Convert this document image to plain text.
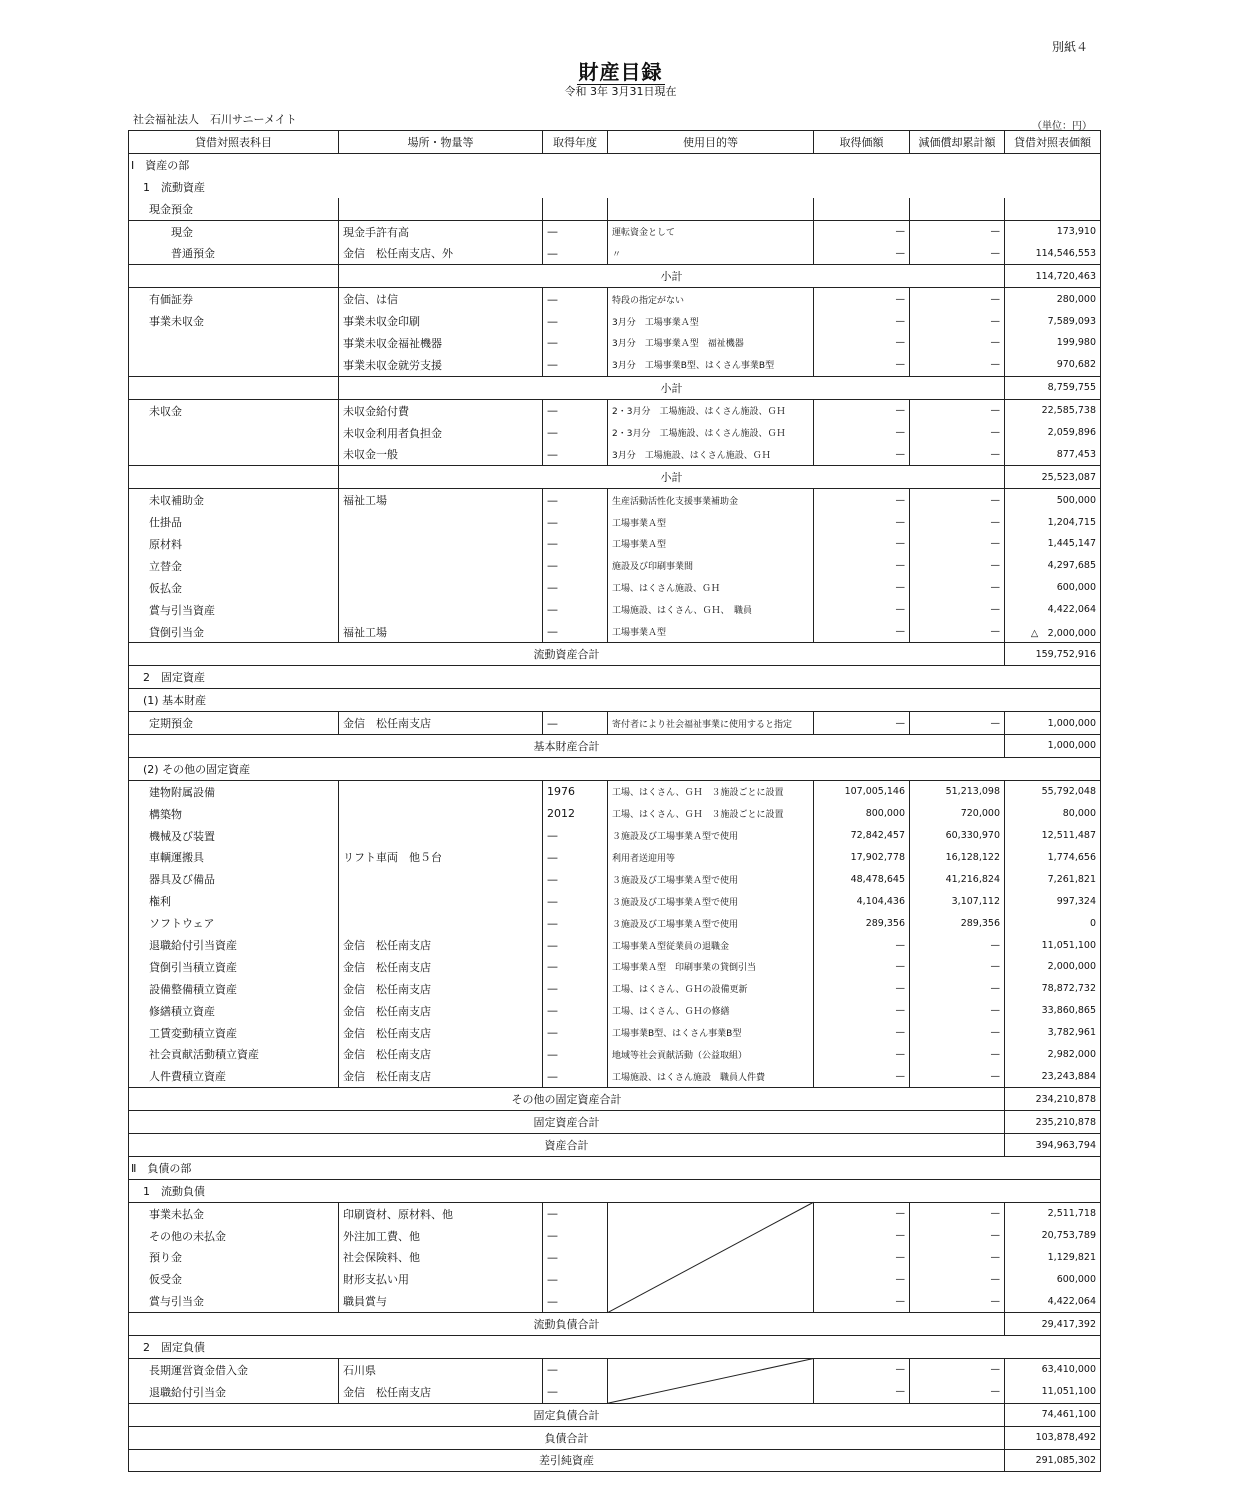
別紙４
財産目録
令和 3年 3月31日現在
社会福祉法人　石川サニーメイト
（単位：円）
貸借対照表科目	場所・物量等	取得年度	使用目的等	取得価額	減価償却累計額	貸借対照表価額
Ⅰ　資産の部						
1　流動資産						
現金預金						
現金	現金手許有高	—	運転資金として	—	—	173,910
普通預金	金信　松任南支店、外	—	〃	—	—	114,546,553
	小計					114,720,463
有価証券	金信、は信	—	特段の指定がない	—	—	280,000
事業未収金	事業未収金印刷	—	3月分　工場事業Ａ型	—	—	7,589,093
	事業未収金福祉機器	—	3月分　工場事業Ａ型　福祉機器	—	—	199,980
	事業未収金就労支援	—	3月分　工場事業B型、はくさん事業B型	—	—	970,682
	小計					8,759,755
未収金	未収金給付費	—	2・3月分　工場施設、はくさん施設、ＧＨ	—	—	22,585,738
	未収金利用者負担金	—	2・3月分　工場施設、はくさん施設、ＧＨ	—	—	2,059,896
	未収金一般	—	3月分　工場施設、はくさん施設、ＧＨ	—	—	877,453
	小計					25,523,087
未収補助金	福祉工場	—	生産活動活性化支援事業補助金	—	—	500,000
仕掛品		—	工場事業Ａ型	—	—	1,204,715
原材料		—	工場事業Ａ型	—	—	1,445,147
立替金		—	施設及び印刷事業間	—	—	4,297,685
仮払金		—	工場、はくさん施設、ＧＨ	—	—	600,000
賞与引当資産		—	工場施設、はくさん、ＧＨ、　職員	—	—	4,422,064
貸倒引当金	福祉工場	—	工場事業Ａ型	—	—	△　2,000,000
流動資産合計						159,752,916
2　固定資産						
(1) 基本財産						
定期預金	金信　松任南支店	—	寄付者により社会福祉事業に使用すると指定	—	—	1,000,000
基本財産合計						1,000,000
(2) その他の固定資産						
建物附属設備		1976	工場、はくさん、ＧＨ　３施設ごとに設置	107,005,146	51,213,098	55,792,048
構築物		2012	工場、はくさん、ＧＨ　３施設ごとに設置	800,000	720,000	80,000
機械及び装置		—	３施設及び工場事業Ａ型で使用	72,842,457	60,330,970	12,511,487
車輌運搬具	リフト車両　他５台	—	利用者送迎用等	17,902,778	16,128,122	1,774,656
器具及び備品		—	３施設及び工場事業Ａ型で使用	48,478,645	41,216,824	7,261,821
権利		—	３施設及び工場事業Ａ型で使用	4,104,436	3,107,112	997,324
ソフトウェア		—	３施設及び工場事業Ａ型で使用	289,356	289,356	0
退職給付引当資産	金信　松任南支店	—	工場事業Ａ型従業員の退職金	—	—	11,051,100
貸倒引当積立資産	金信　松任南支店	—	工場事業Ａ型　印刷事業の貸倒引当	—	—	2,000,000
設備整備積立資産	金信　松任南支店	—	工場、はくさん、ＧＨの設備更新	—	—	78,872,732
修繕積立資産	金信　松任南支店	—	工場、はくさん、ＧＨの修繕	—	—	33,860,865
工賃変動積立資産	金信　松任南支店	—	工場事業B型、はくさん事業B型	—	—	3,782,961
社会貢献活動積立資産	金信　松任南支店	—	地域等社会貢献活動（公益取組）	—	—	2,982,000
人件費積立資産	金信　松任南支店	—	工場施設、はくさん施設　職員人件費	—	—	23,243,884
その他の固定資産合計						234,210,878
固定資産合計						235,210,878
資産合計						394,963,794
Ⅱ　負債の部						
1　流動負債						
事業未払金	印刷資材、原材料、他	—		—	—	2,511,718
その他の未払金	外注加工費、他	—		—	—	20,753,789
預り金	社会保険料、他	—		—	—	1,129,821
仮受金	財形支払い用	—		—	—	600,000
賞与引当金	職員賞与	—		—	—	4,422,064
流動負債合計						29,417,392
2　固定負債						
長期運営資金借入金	石川県	—		—	—	63,410,000
退職給付引当金	金信　松任南支店	—		—	—	11,051,100
固定負債合計						74,461,100
負債合計						103,878,492
差引純資産						291,085,302
